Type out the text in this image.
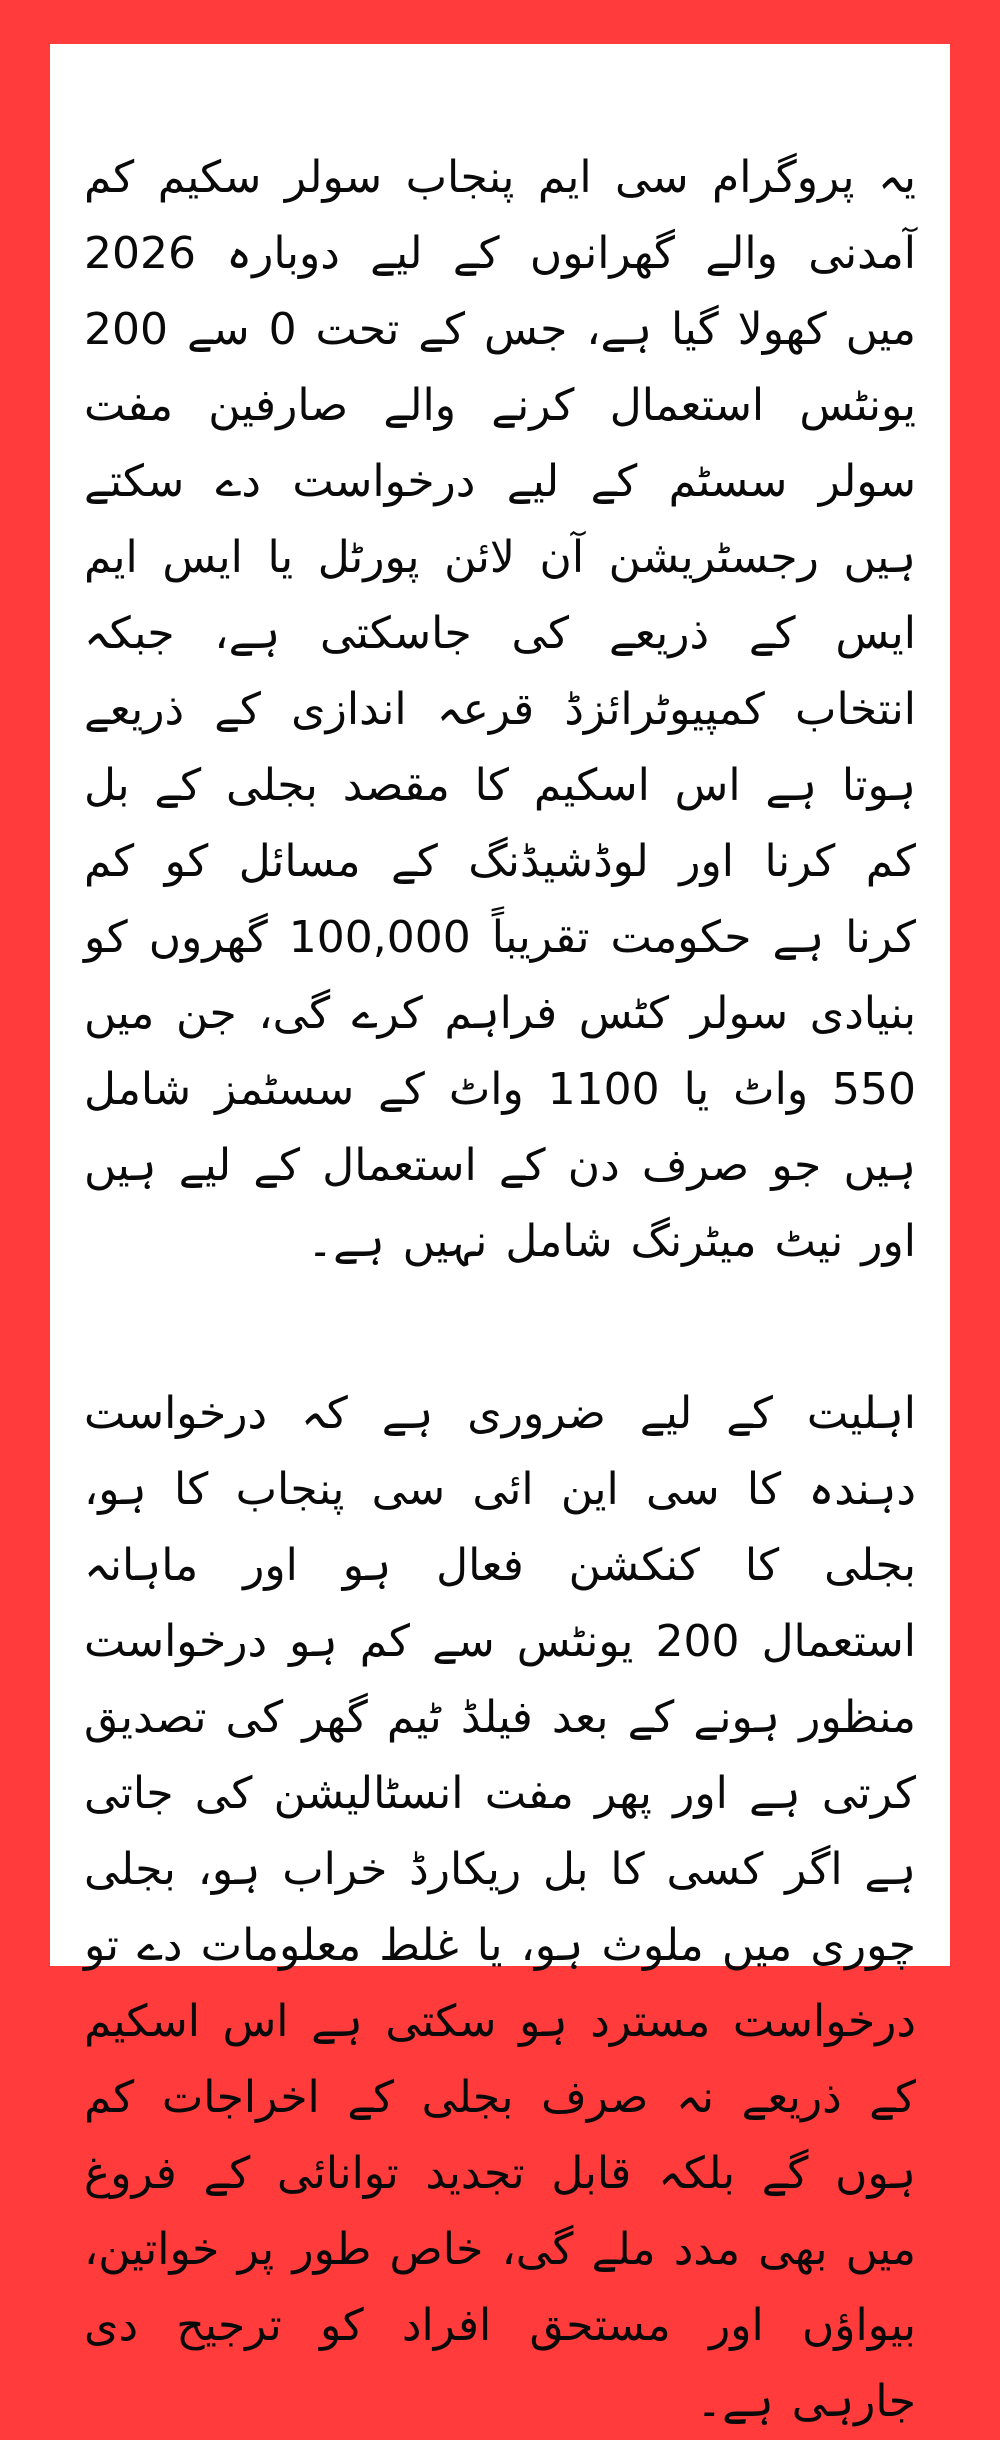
یہ پروگرام سی ایم پنجاب سولر سکیم کم آمدنی والے گھرانوں کے لیے دوبارہ 2026 میں کھولا گیا ہے، جس کے تحت 0 سے 200 یونٹس استعمال کرنے والے صارفین مفت سولر سسٹم کے لیے درخواست دے سکتے ہیں رجسٹریشن آن لائن پورٹل یا ایس ایم ایس کے ذریعے کی جاسکتی ہے، جبکہ انتخاب کمپیوٹرائزڈ قرعہ اندازی کے ذریعے ہوتا ہے اس اسکیم کا مقصد بجلی کے بل کم کرنا اور لوڈشیڈنگ کے مسائل کو کم کرنا ہے حکومت تقریباً 100,000 گھروں کو بنیادی سولر کٹس فراہم کرے گی، جن میں 550 واٹ یا 1100 واٹ کے سسٹمز شامل ہیں جو صرف دن کے استعمال کے لیے ہیں اور نیٹ میٹرنگ شامل نہیں ہے۔

اہلیت کے لیے ضروری ہے کہ درخواست دہندہ کا سی این ائی سی پنجاب کا ہو، بجلی کا کنکشن فعال ہو اور ماہانہ استعمال 200 یونٹس سے کم ہو درخواست منظور ہونے کے بعد فیلڈ ٹیم گھر کی تصدیق کرتی ہے اور پھر مفت انسٹالیشن کی جاتی ہے اگر کسی کا بل ریکارڈ خراب ہو، بجلی چوری میں ملوث ہو، یا غلط معلومات دے تو درخواست مسترد ہو سکتی ہے اس اسکیم کے ذریعے نہ صرف بجلی کے اخراجات کم ہوں گے بلکہ قابل تجدید توانائی کے فروغ میں بھی مدد ملے گی، خاص طور پر خواتین، بیواؤں اور مستحق افراد کو ترجیح دی جارہی ہے۔
